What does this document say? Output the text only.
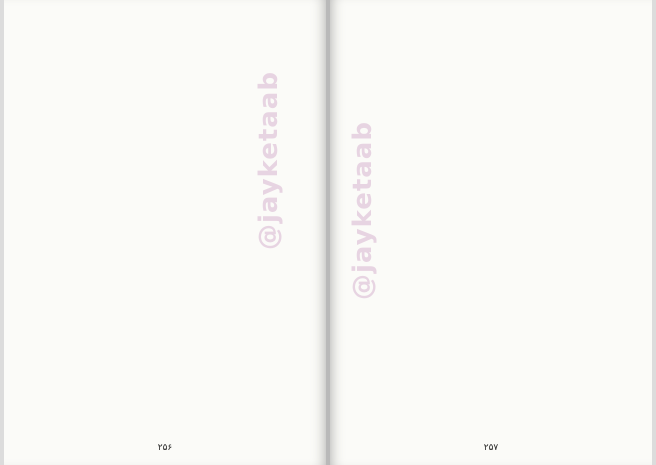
@jayketaab
۲۵۶
@jayketaab
۲۵۷
